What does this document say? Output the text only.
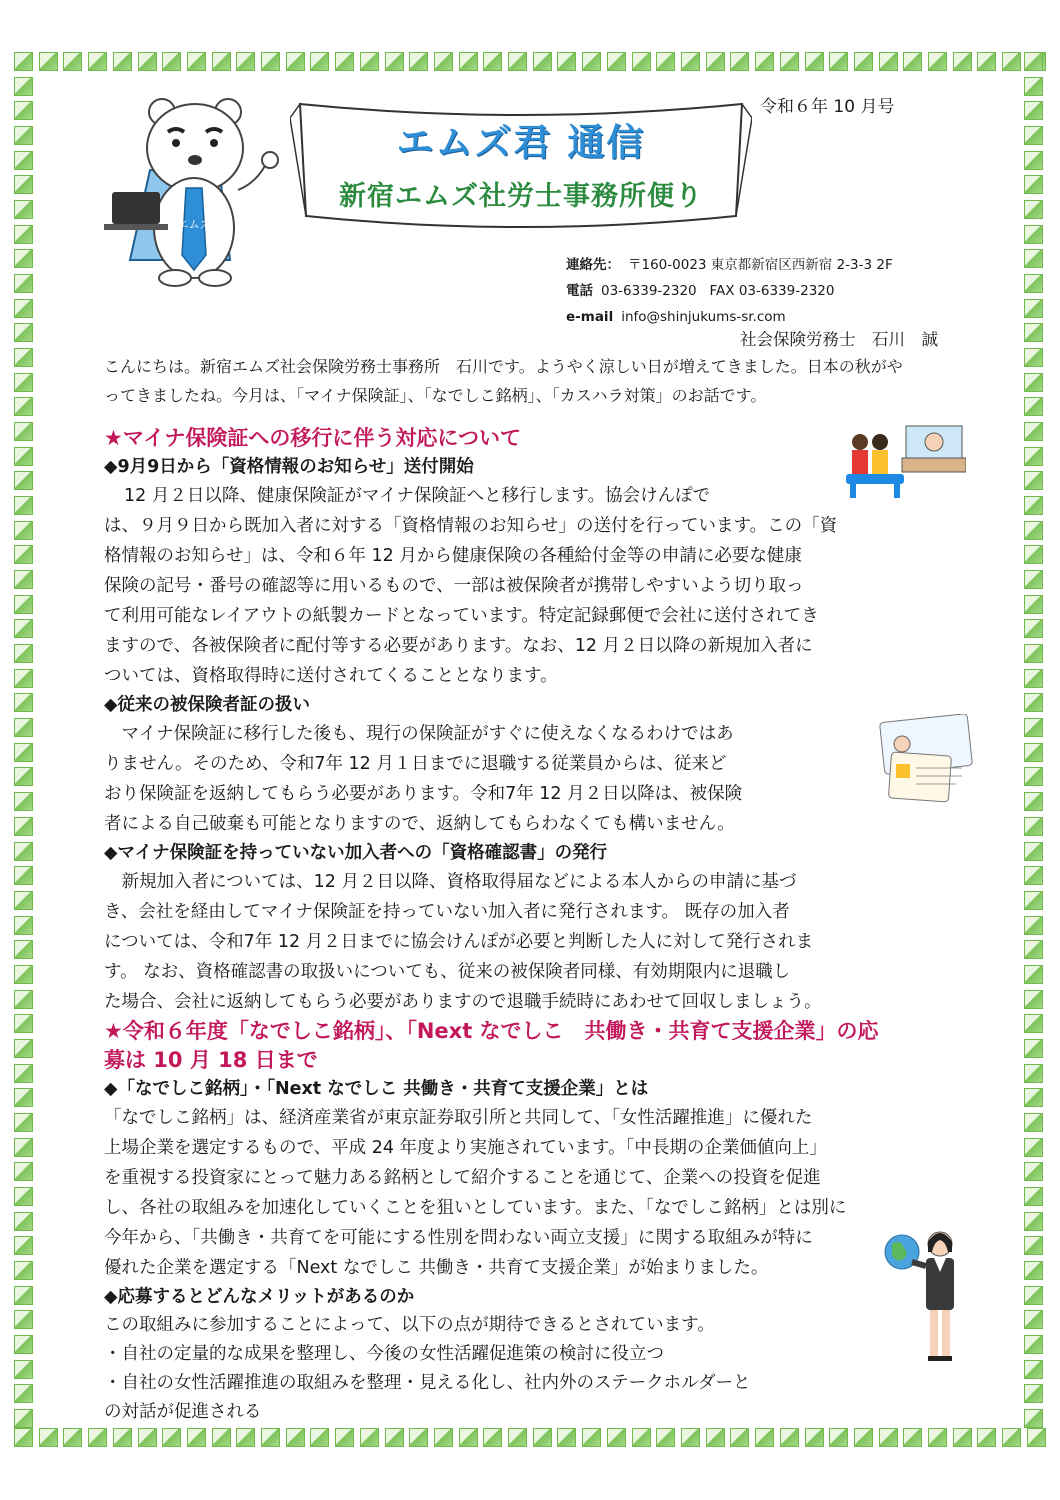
令和６年 10 月号
エムズ
エムズ君 通信
新宿エムズ社労士事務所便り
連絡先： 〒160-0023 東京都新宿区西新宿 2-3-3 2F
電話 03-6339-2320 FAX 03-6339-2320
e-mail info@shinjukums-sr.com
社会保険労務士　石川　誠
こんにちは。新宿エムズ社会保険労務士事務所　石川です。ようやく涼しい日が増えてきました。日本の秋がや
ってきましたね。今月は、「マイナ保険証」、「なでしこ銘柄」、「カスハラ対策」のお話です。
★マイナ保険証への移行に伴う対応について
◆9月9日から「資格情報のお知らせ」送付開始
12 月２日以降、健康保険証がマイナ保険証へと移行します。協会けんぽで
は、９月９日から既加入者に対する「資格情報のお知らせ」の送付を行っています。この「資
格情報のお知らせ」は、令和６年 12 月から健康保険の各種給付金等の申請に必要な健康
保険の記号・番号の確認等に用いるもので、一部は被保険者が携帯しやすいよう切り取っ
て利用可能なレイアウトの紙製カードとなっています。特定記録郵便で会社に送付されてき
ますので、各被保険者に配付等する必要があります。なお、12 月２日以降の新規加入者に
ついては、資格取得時に送付されてくることとなります。
◆従来の被保険者証の扱い
マイナ保険証に移行した後も、現行の保険証がすぐに使えなくなるわけではあ
りません。そのため、令和7年 12 月１日までに退職する従業員からは、従来ど
おり保険証を返納してもらう必要があります。令和7年 12 月２日以降は、被保険
者による自己破棄も可能となりますので、返納してもらわなくても構いません。
◆マイナ保険証を持っていない加入者への「資格確認書」の発行
新規加入者については、12 月２日以降、資格取得届などによる本人からの申請に基づ
き、会社を経由してマイナ保険証を持っていない加入者に発行されます。 既存の加入者
については、令和7年 12 月２日までに協会けんぽが必要と判断した人に対して発行されま
す。 なお、資格確認書の取扱いについても、従来の被保険者同様、有効期限内に退職し
た場合、会社に返納してもらう必要がありますので退職手続時にあわせて回収しましょう。
★令和６年度「なでしこ銘柄」、「Next なでしこ　共働き・共育て支援企業」の応
募は 10 月 18 日まで
◆「なでしこ銘柄」・「Next なでしこ 共働き・共育て支援企業」とは
「なでしこ銘柄」は、経済産業省が東京証券取引所と共同して、「女性活躍推進」に優れた
上場企業を選定するもので、平成 24 年度より実施されています。「中長期の企業価値向上」
を重視する投資家にとって魅力ある銘柄として紹介することを通じて、企業への投資を促進
し、各社の取組みを加速化していくことを狙いとしています。また、「なでしこ銘柄」とは別に
今年から、「共働き・共育てを可能にする性別を問わない両立支援」に関する取組みが特に
優れた企業を選定する「Next なでしこ 共働き・共育て支援企業」が始まりました。
◆応募するとどんなメリットがあるのか
この取組みに参加することによって、以下の点が期待できるとされています。
・自社の定量的な成果を整理し、今後の女性活躍促進策の検討に役立つ
・自社の女性活躍推進の取組みを整理・見える化し、社内外のステークホルダーと
の対話が促進される
